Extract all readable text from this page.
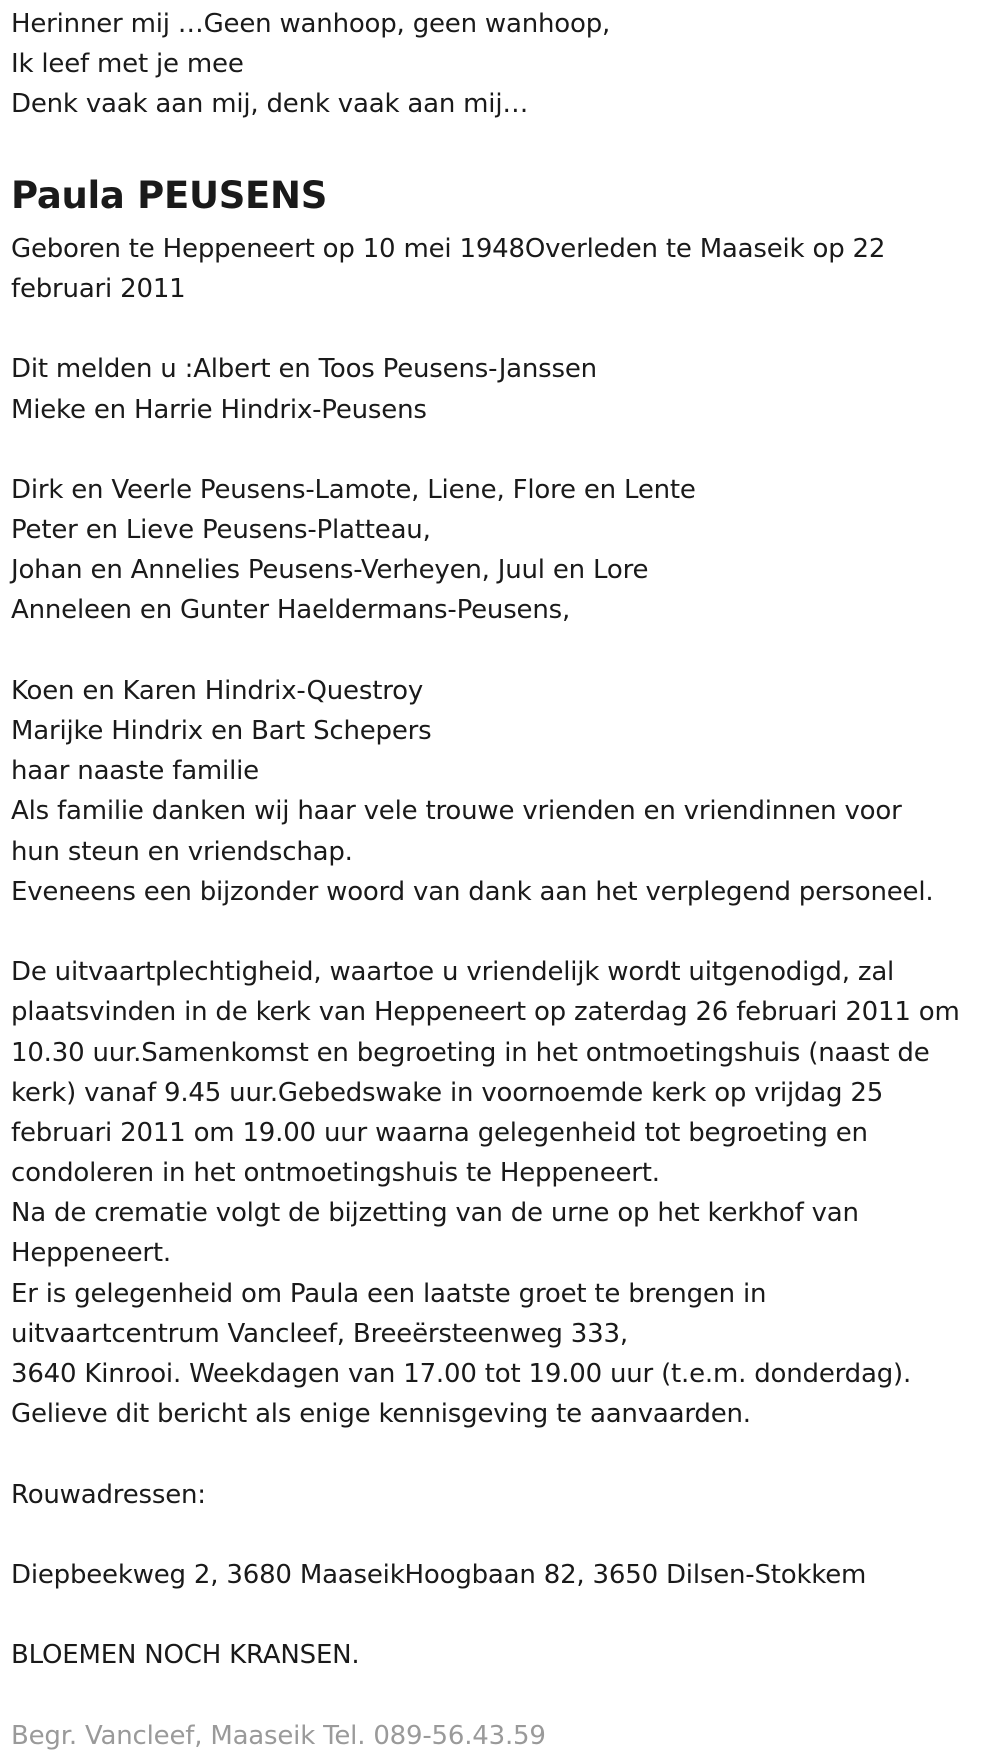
Herinner mij …Geen wanhoop, geen wanhoop,
Ik leef met je mee
Denk vaak aan mij, denk vaak aan mij…
Paula PEUSENS
Geboren te Heppeneert op 10 mei 1948Overleden te Maaseik op 22
februari 2011
Dit melden u :Albert en Toos Peusens-Janssen
Mieke en Harrie Hindrix-Peusens
Dirk en Veerle Peusens-Lamote, Liene, Flore en Lente
Peter en Lieve Peusens-Platteau,
Johan en Annelies Peusens-Verheyen, Juul en Lore
Anneleen en Gunter Haeldermans-Peusens,
Koen en Karen Hindrix-Questroy
Marijke Hindrix en Bart Schepers
haar naaste familie
Als familie danken wij haar vele trouwe vrienden en vriendinnen voor
hun steun en vriendschap.
Eveneens een bijzonder woord van dank aan het verplegend personeel.
De uitvaartplechtigheid, waartoe u vriendelijk wordt uitgenodigd, zal
plaatsvinden in de kerk van Heppeneert op zaterdag 26 februari 2011 om
10.30 uur.Samenkomst en begroeting in het ontmoetingshuis (naast de
kerk) vanaf 9.45 uur.Gebedswake in voornoemde kerk op vrijdag 25
februari 2011 om 19.00 uur waarna gelegenheid tot begroeting en
condoleren in het ontmoetingshuis te Heppeneert.
Na de crematie volgt de bijzetting van de urne op het kerkhof van
Heppeneert.
Er is gelegenheid om Paula een laatste groet te brengen in
uitvaartcentrum Vancleef, Breeërsteenweg 333,
3640 Kinrooi. Weekdagen van 17.00 tot 19.00 uur (t.e.m. donderdag).
Gelieve dit bericht als enige kennisgeving te aanvaarden.
Rouwadressen:
Diepbeekweg 2, 3680 MaaseikHoogbaan 82, 3650 Dilsen-Stokkem
BLOEMEN NOCH KRANSEN.
Begr. Vancleef, Maaseik Tel. 089-56.43.59
